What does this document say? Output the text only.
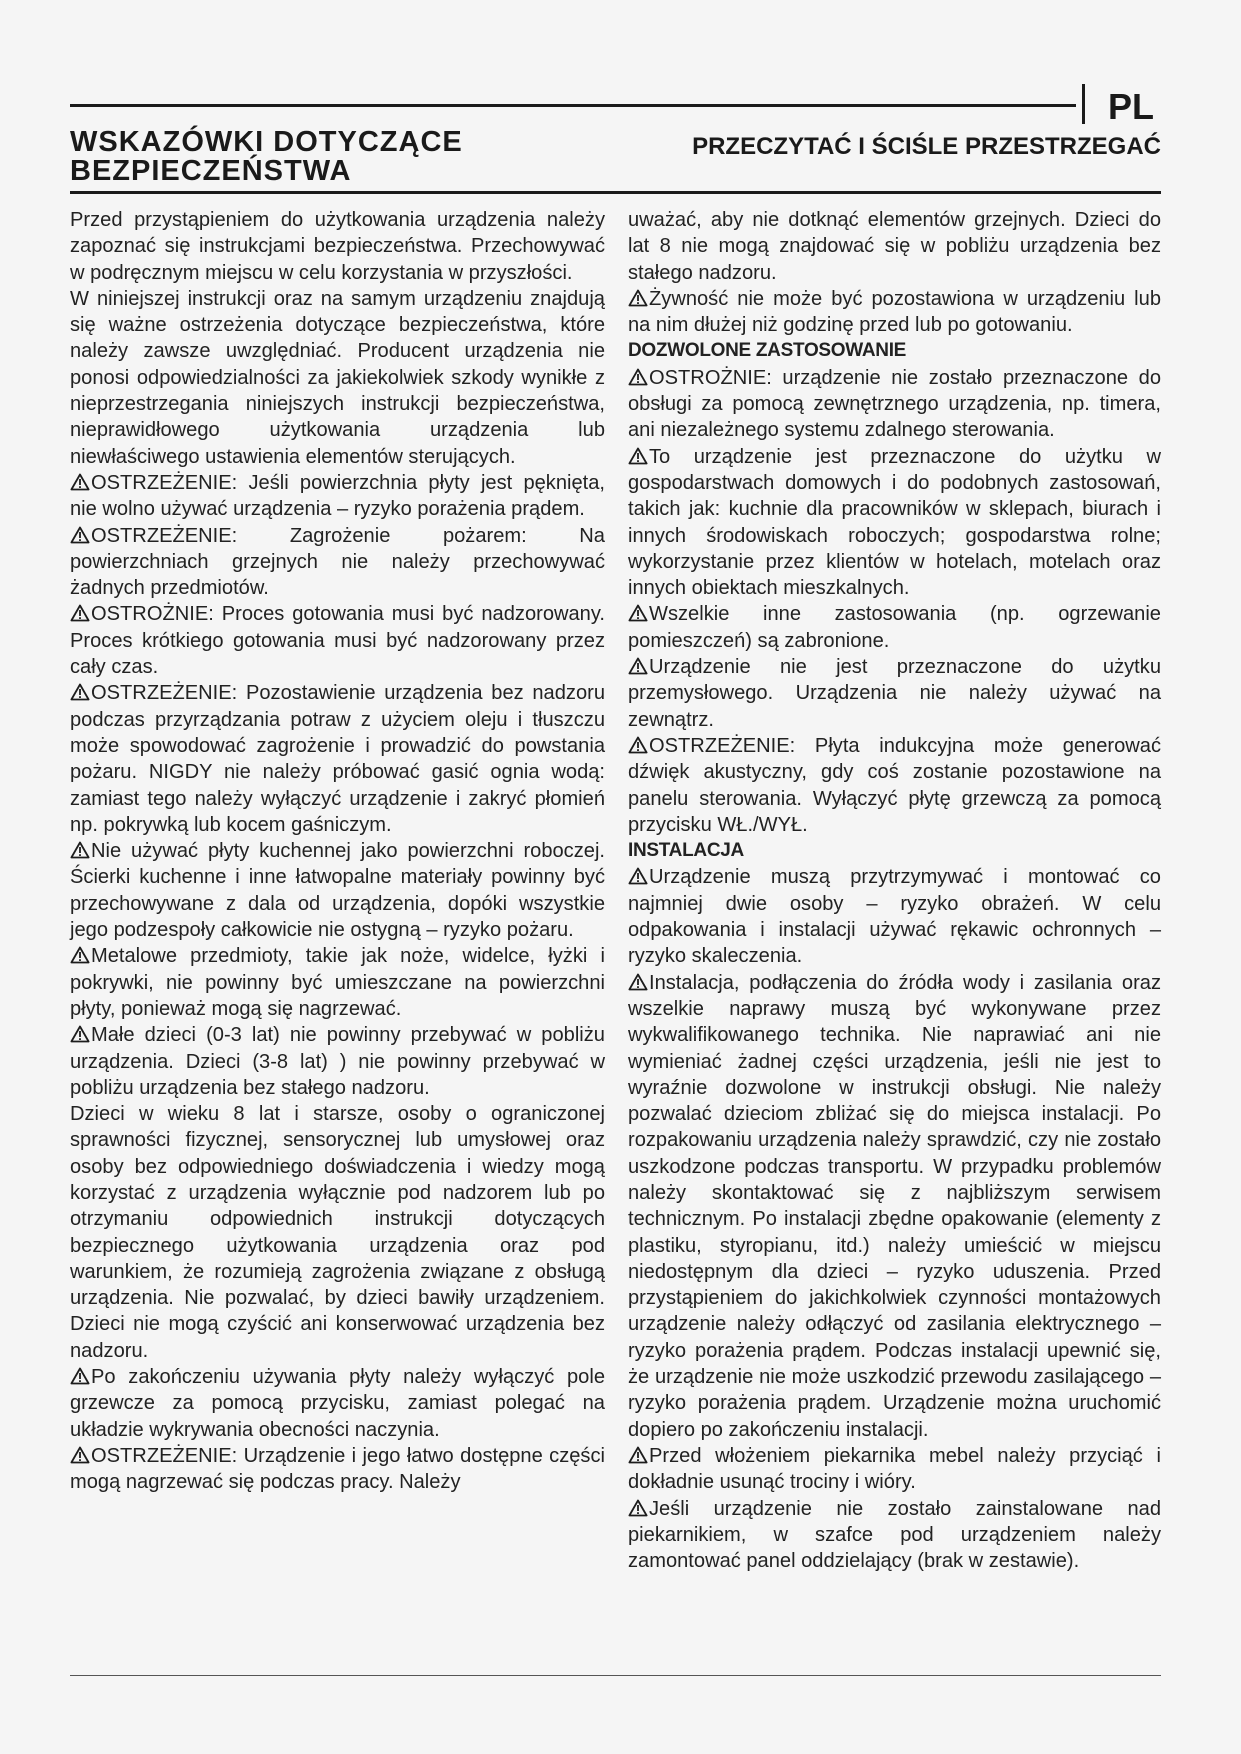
PL
WSKAZÓWKI DOTYCZĄCE BEZPIECZEŃSTWA
PRZECZYTAĆ I ŚCIŚLE PRZESTRZEGAĆ

Przed przystąpieniem do użytkowania urządzenia należy zapoznać się instrukcjami bezpieczeństwa. Przechowywać w podręcznym miejscu w celu korzystania w przyszłości.

W niniejszej instrukcji oraz na samym urządzeniu znajdują się ważne ostrzeżenia dotyczące bezpieczeństwa, które należy zawsze uwzględniać. Producent urządzenia nie ponosi odpowiedzialności za jakiekolwiek szkody wynikłe z nieprzestrzegania niniejszych instrukcji bezpieczeństwa, nieprawidłowego użytkowania urządzenia lub niewłaściwego ustawienia elementów sterujących.

OSTRZEŻENIE: Jeśli powierzchnia płyty jest pęknięta, nie wolno używać urządzenia – ryzyko porażenia prądem.

OSTRZEŻENIE: Zagrożenie pożarem: Na powierzchniach grzejnych nie należy przechowywać żadnych przedmiotów.

OSTROŻNIE: Proces gotowania musi być nadzorowany. Proces krótkiego gotowania musi być nadzorowany przez cały czas.

OSTRZEŻENIE: Pozostawienie urządzenia bez nadzoru podczas przyrządzania potraw z użyciem oleju i tłuszczu może spowodować zagrożenie i prowadzić do powstania pożaru. NIGDY nie należy próbować gasić ognia wodą: zamiast tego należy wyłączyć urządzenie i zakryć płomień np. pokrywką lub kocem gaśniczym.

Nie używać płyty kuchennej jako powierzchni roboczej. Ścierki kuchenne i inne łatwopalne materiały powinny być przechowywane z dala od urządzenia, dopóki wszystkie jego podzespoły całkowicie nie ostygną – ryzyko pożaru.

Metalowe przedmioty, takie jak noże, widelce, łyżki i pokrywki, nie powinny być umieszczane na powierzchni płyty, ponieważ mogą się nagrzewać.

Małe dzieci (0-3 lat) nie powinny przebywać w pobliżu urządzenia. Dzieci (3-8 lat) ) nie powinny przebywać w pobliżu urządzenia bez stałego nadzoru.

Dzieci w wieku 8 lat i starsze, osoby o ograniczonej sprawności fizycznej, sensorycznej lub umysłowej oraz osoby bez odpowiedniego doświadczenia i wiedzy mogą korzystać z urządzenia wyłącznie pod nadzorem lub po otrzymaniu odpowiednich instrukcji dotyczących bezpiecznego użytkowania urządzenia oraz pod warunkiem, że rozumieją zagrożenia związane z obsługą urządzenia. Nie pozwalać, by dzieci bawiły urządzeniem. Dzieci nie mogą czyścić ani konserwować urządzenia bez nadzoru.

Po zakończeniu używania płyty należy wyłączyć pole grzewcze za pomocą przycisku, zamiast polegać na układzie wykrywania obecności naczynia.

OSTRZEŻENIE: Urządzenie i jego łatwo dostępne części mogą nagrzewać się podczas pracy. Należy

uważać, aby nie dotknąć elementów grzejnych. Dzieci do lat 8 nie mogą znajdować się w pobliżu urządzenia bez stałego nadzoru.

Żywność nie może być pozostawiona w urządzeniu lub na nim dłużej niż godzinę przed lub po gotowaniu.

DOZWOLONE ZASTOSOWANIE

OSTROŻNIE: urządzenie nie zostało przeznaczone do obsługi za pomocą zewnętrznego urządzenia, np. timera, ani niezależnego systemu zdalnego sterowania.

To urządzenie jest przeznaczone do użytku w gospodarstwach domowych i do podobnych zastosowań, takich jak: kuchnie dla pracowników w sklepach, biurach i innych środowiskach roboczych; gospodarstwa rolne; wykorzystanie przez klientów w hotelach, motelach oraz innych obiektach mieszkalnych.

Wszelkie inne zastosowania (np. ogrzewanie pomieszczeń) są zabronione.

Urządzenie nie jest przeznaczone do użytku przemysłowego. Urządzenia nie należy używać na zewnątrz.

OSTRZEŻENIE: Płyta indukcyjna może generować dźwięk akustyczny, gdy coś zostanie pozostawione na panelu sterowania. Wyłączyć płytę grzewczą za pomocą przycisku WŁ./WYŁ.

INSTALACJA

Urządzenie muszą przytrzymywać i montować co najmniej dwie osoby – ryzyko obrażeń. W celu odpakowania i instalacji używać rękawic ochronnych – ryzyko skaleczenia.

Instalacja, podłączenia do źródła wody i zasilania oraz wszelkie naprawy muszą być wykonywane przez wykwalifikowanego technika. Nie naprawiać ani nie wymieniać żadnej części urządzenia, jeśli nie jest to wyraźnie dozwolone w instrukcji obsługi. Nie należy pozwalać dzieciom zbliżać się do miejsca instalacji. Po rozpakowaniu urządzenia należy sprawdzić, czy nie zostało uszkodzone podczas transportu. W przypadku problemów należy skontaktować się z najbliższym serwisem technicznym. Po instalacji zbędne opakowanie (elementy z plastiku, styropianu, itd.) należy umieścić w miejscu niedostępnym dla dzieci – ryzyko uduszenia. Przed przystąpieniem do jakichkolwiek czynności montażowych urządzenie należy odłączyć od zasilania elektrycznego – ryzyko porażenia prądem. Podczas instalacji upewnić się, że urządzenie nie może uszkodzić przewodu zasilającego – ryzyko porażenia prądem. Urządzenie można uruchomić dopiero po zakończeniu instalacji.

Przed włożeniem piekarnika mebel należy przyciąć i dokładnie usunąć trociny i wióry.

Jeśli urządzenie nie zostało zainstalowane nad piekarnikiem, w szafce pod urządzeniem należy zamontować panel oddzielający (brak w zestawie).
